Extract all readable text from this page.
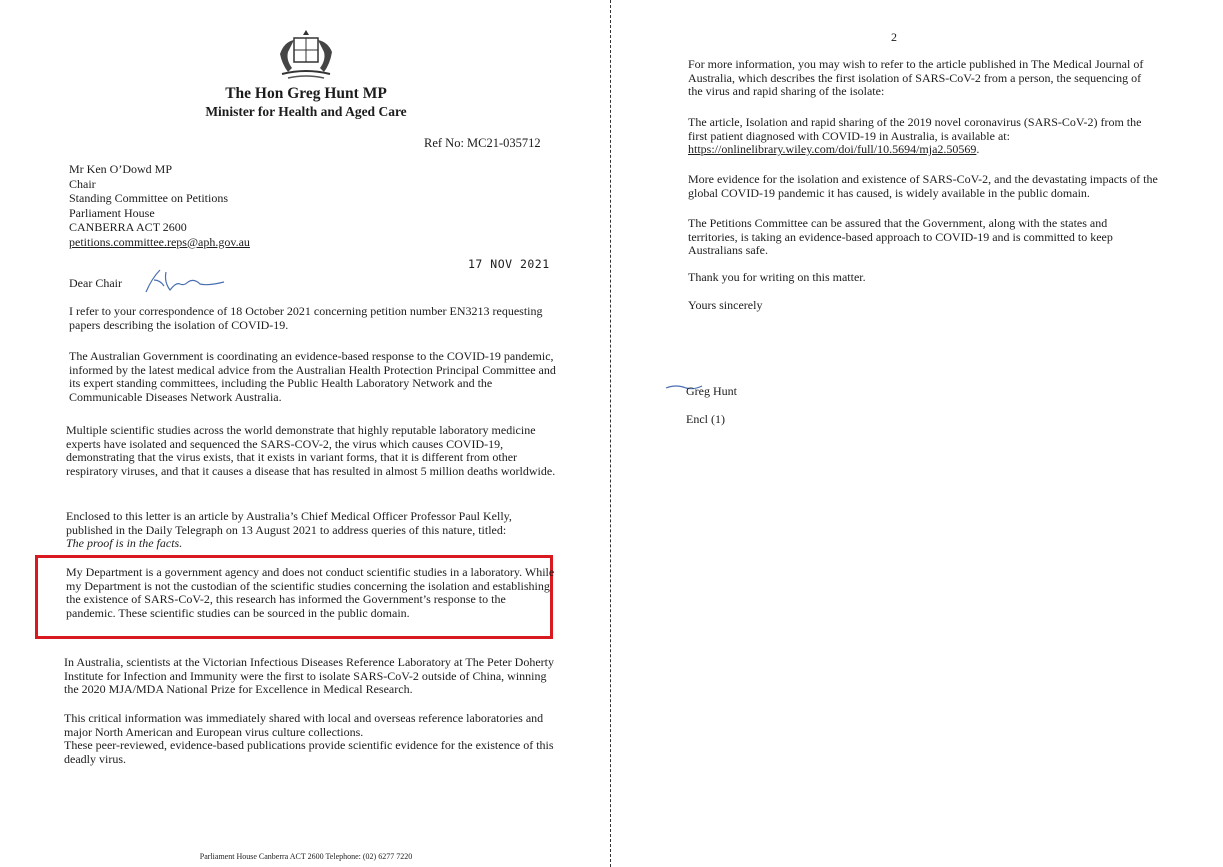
The Hon Greg Hunt MP
Minister for Health and Aged Care
Ref No: MC21-035712
Mr Ken O’Dowd MP
Chair
Standing Committee on Petitions
Parliament House
CANBERRA ACT 2600
petitions.committee.reps@aph.gov.au
17 NOV 2021
Dear Chair
I refer to your correspondence of 18 October 2021 concerning petition number EN3213 requesting papers describing the isolation of COVID-19.
The Australian Government is coordinating an evidence-based response to the COVID-19 pandemic, informed by the latest medical advice from the Australian Health Protection Principal Committee and its expert standing committees, including the Public Health Laboratory Network and the Communicable Diseases Network Australia.
Multiple scientific studies across the world demonstrate that highly reputable laboratory medicine experts have isolated and sequenced the SARS-COV-2, the virus which causes COVID-19, demonstrating that the virus exists, that it exists in variant forms, that it is different from other respiratory viruses, and that it causes a disease that has resulted in almost 5 million deaths worldwide.
Enclosed to this letter is an article by Australia’s Chief Medical Officer Professor Paul Kelly, published in the Daily Telegraph on 13 August 2021 to address queries of this nature, titled:
The proof is in the facts.
My Department is a government agency and does not conduct scientific studies in a laboratory. While my Department is not the custodian of the scientific studies concerning the isolation and establishing the existence of SARS-CoV-2, this research has informed the Government’s response to the pandemic. These scientific studies can be sourced in the public domain.
In Australia, scientists at the Victorian Infectious Diseases Reference Laboratory at The Peter Doherty Institute for Infection and Immunity were the first to isolate SARS-CoV-2 outside of China, winning the 2020 MJA/MDA National Prize for Excellence in Medical Research.
This critical information was immediately shared with local and overseas reference laboratories and major North American and European virus culture collections.
These peer-reviewed, evidence-based publications provide scientific evidence for the existence of this deadly virus.
Parliament House Canberra ACT 2600 Telephone: (02) 6277 7220
2
For more information, you may wish to refer to the article published in The Medical Journal of Australia, which describes the first isolation of SARS-CoV-2 from a person, the sequencing of the virus and rapid sharing of the isolate:
The article, Isolation and rapid sharing of the 2019 novel coronavirus (SARS-CoV-2) from the first patient diagnosed with COVID-19 in Australia, is available at: https://onlinelibrary.wiley.com/doi/full/10.5694/mja2.50569.
More evidence for the isolation and existence of SARS-CoV-2, and the devastating impacts of the global COVID-19 pandemic it has caused, is widely available in the public domain.
The Petitions Committee can be assured that the Government, along with the states and territories, is taking an evidence-based approach to COVID-19 and is committed to keep Australians safe.
Thank you for writing on this matter.
Yours sincerely
Greg Hunt
Encl (1)
